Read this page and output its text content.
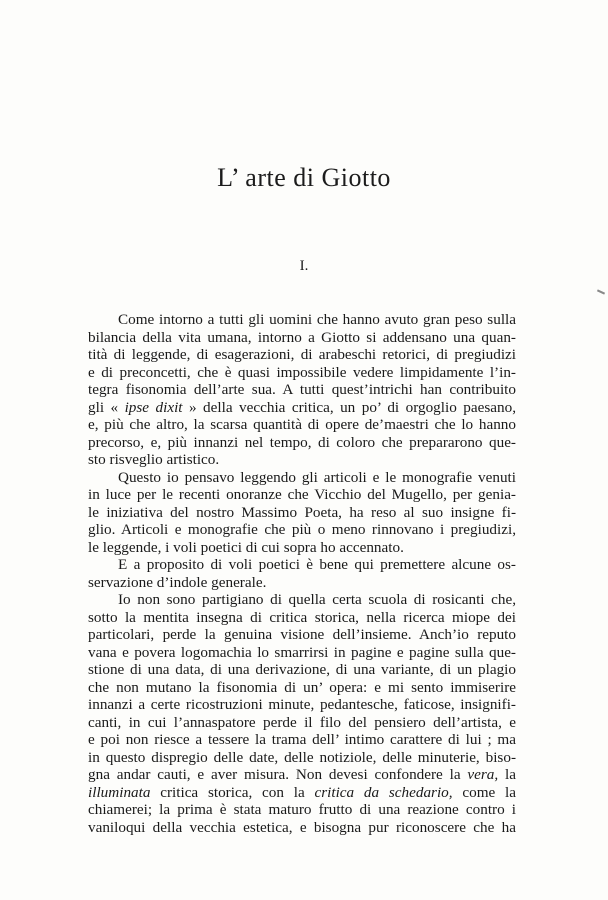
L’ arte di Giotto
I.
Come intorno a tutti gli uomini che hanno avuto gran peso sulla
bilancia della vita umana, intorno a Giotto si addensano una quan-
tità di leggende, di esagerazioni, di arabeschi retorici, di pregiudizi
e di preconcetti, che è quasi impossibile vedere limpidamente l’in-
tegra fisonomia dell’arte sua. A tutti quest’intrichi han contribuito
gli « ipse dixit » della vecchia critica, un po’ di orgoglio paesano,
e, più che altro, la scarsa quantità di opere de’maestri che lo hanno
precorso, e, più innanzi nel tempo, di coloro che prepararono que-
sto risveglio artistico.
Questo io pensavo leggendo gli articoli e le monografie venuti
in luce per le recenti onoranze che Vicchio del Mugello, per genia-
le iniziativa del nostro Massimo Poeta, ha reso al suo insigne fi-
glio. Articoli e monografie che più o meno rinnovano i pregiudizi,
le leggende, i voli poetici di cui sopra ho accennato.
E a proposito di voli poetici è bene qui premettere alcune os-
servazione d’indole generale.
Io non sono partigiano di quella certa scuola di rosicanti che,
sotto la mentita insegna di critica storica, nella ricerca miope dei
particolari, perde la genuina visione dell’insieme. Anch’io reputo
vana e povera logomachia lo smarrirsi in pagine e pagine sulla que-
stione di una data, di una derivazione, di una variante, di un plagio
che non mutano la fisonomia di un’ opera: e mi sento immiserire
innanzi a certe ricostruzioni minute, pedantesche, faticose, insignifi-
canti, in cui l’annaspatore perde il filo del pensiero dell’artista, e
e poi non riesce a tessere la trama dell’ intimo carattere di lui ; ma
in questo dispregio delle date, delle notiziole, delle minuterie, biso-
gna andar cauti, e aver misura. Non devesi confondere la vera, la
illuminata critica storica, con la critica da schedario, come la
chiamerei; la prima è stata maturo frutto di una reazione contro i
vaniloqui della vecchia estetica, e bisogna pur riconoscere che ha
